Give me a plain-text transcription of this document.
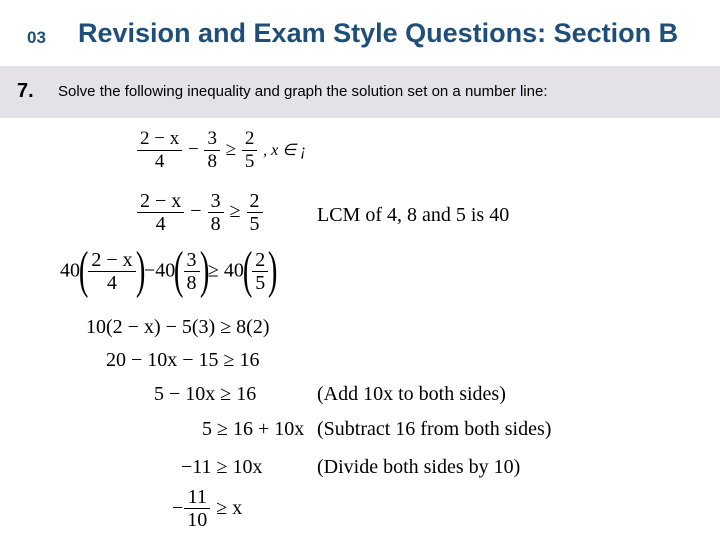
03	Revision and Exam Style Questions: Section B
7. Solve the following inequality and graph the solution set on a number line:
$\frac{2 - x}{4} - \frac{3}{8} \ge \frac{2}{5}$ , x ∈ ¡
$\frac{2 - x}{4} - \frac{3}{8} \ge \frac{2}{5}$	LCM of 4, 8 and 5 is 40
$40( \frac{2 - x}{4} )-40( \frac{3}{8}$ )≥ $40( \frac{2}{5}$ )
10(2 − x) − 5(3) ≥ 8(2)
20 − 10x − 15 ≥ 16
5 − 10x ≥ 16	(Add 10x to both sides)
5 ≥ 16 + 10x (Subtract 16 from both sides)
−11 ≥ 10x	(Divide both sides by 10)
− $\frac{11}{10} \ge x$
